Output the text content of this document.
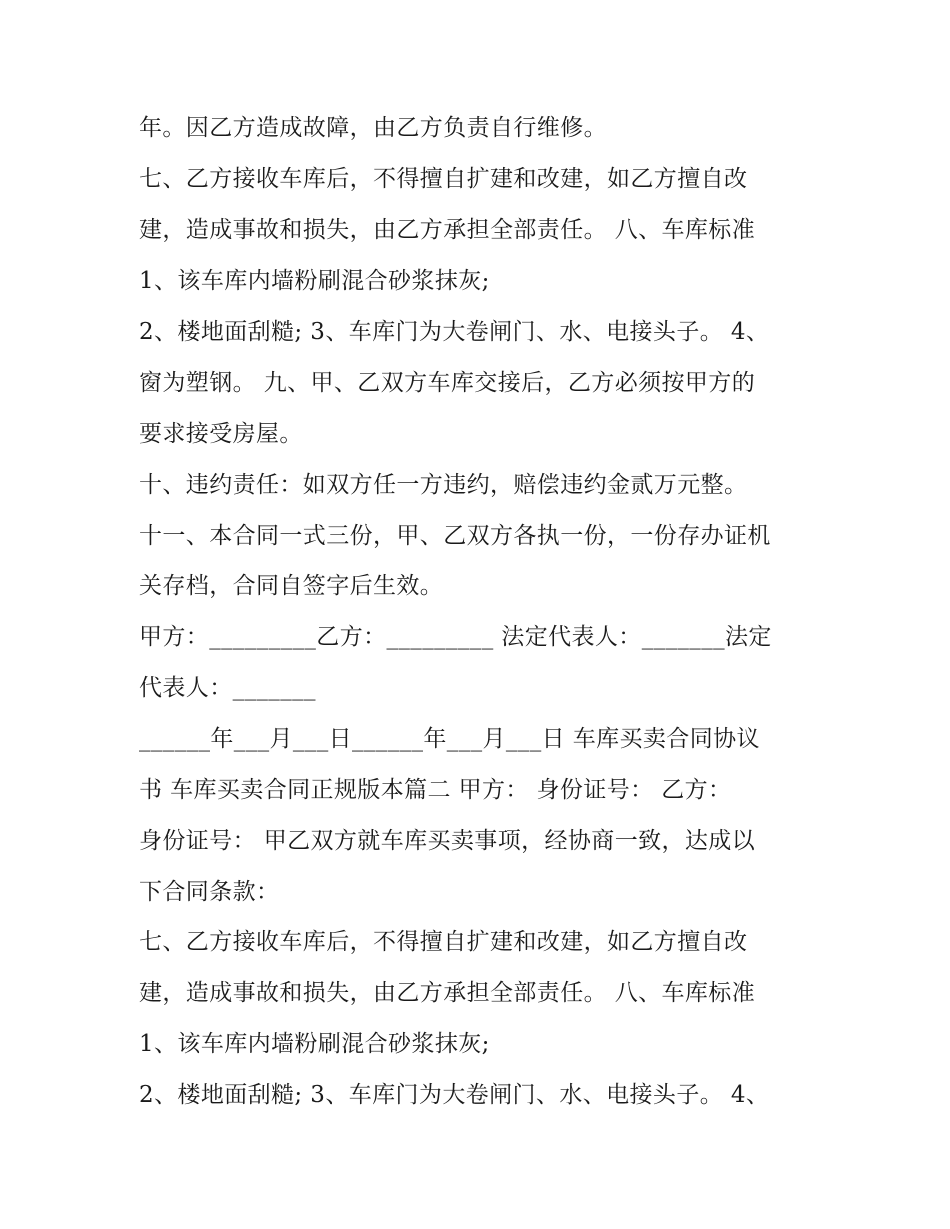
年。因乙方造成故障，由乙方负责自行维修。
七、乙方接收车库后，不得擅自扩建和改建，如乙方擅自改
建，造成事故和损失，由乙方承担全部责任。 八、车库标准
1、该车库内墙粉刷混合砂浆抹灰;
2、楼地面刮糙; 3、车库门为大卷闸门、水、电接头子。 4、
窗为塑钢。 九、甲、乙双方车库交接后，乙方必须按甲方的
要求接受房屋。
十、违约责任：如双方任一方违约，赔偿违约金贰万元整。
十一、本合同一式三份，甲、乙双方各执一份，一份存办证机
关存档，合同自签字后生效。
甲方：_________乙方：_________ 法定代表人：_______法定
代表人：_______
______年___月___日______年___月___日 车库买卖合同协议
书 车库买卖合同正规版本篇二 甲方： 身份证号： 乙方：
身份证号： 甲乙双方就车库买卖事项，经协商一致，达成以
下合同条款：
七、乙方接收车库后，不得擅自扩建和改建，如乙方擅自改
建，造成事故和损失，由乙方承担全部责任。 八、车库标准
1、该车库内墙粉刷混合砂浆抹灰;
2、楼地面刮糙; 3、车库门为大卷闸门、水、电接头子。 4、
